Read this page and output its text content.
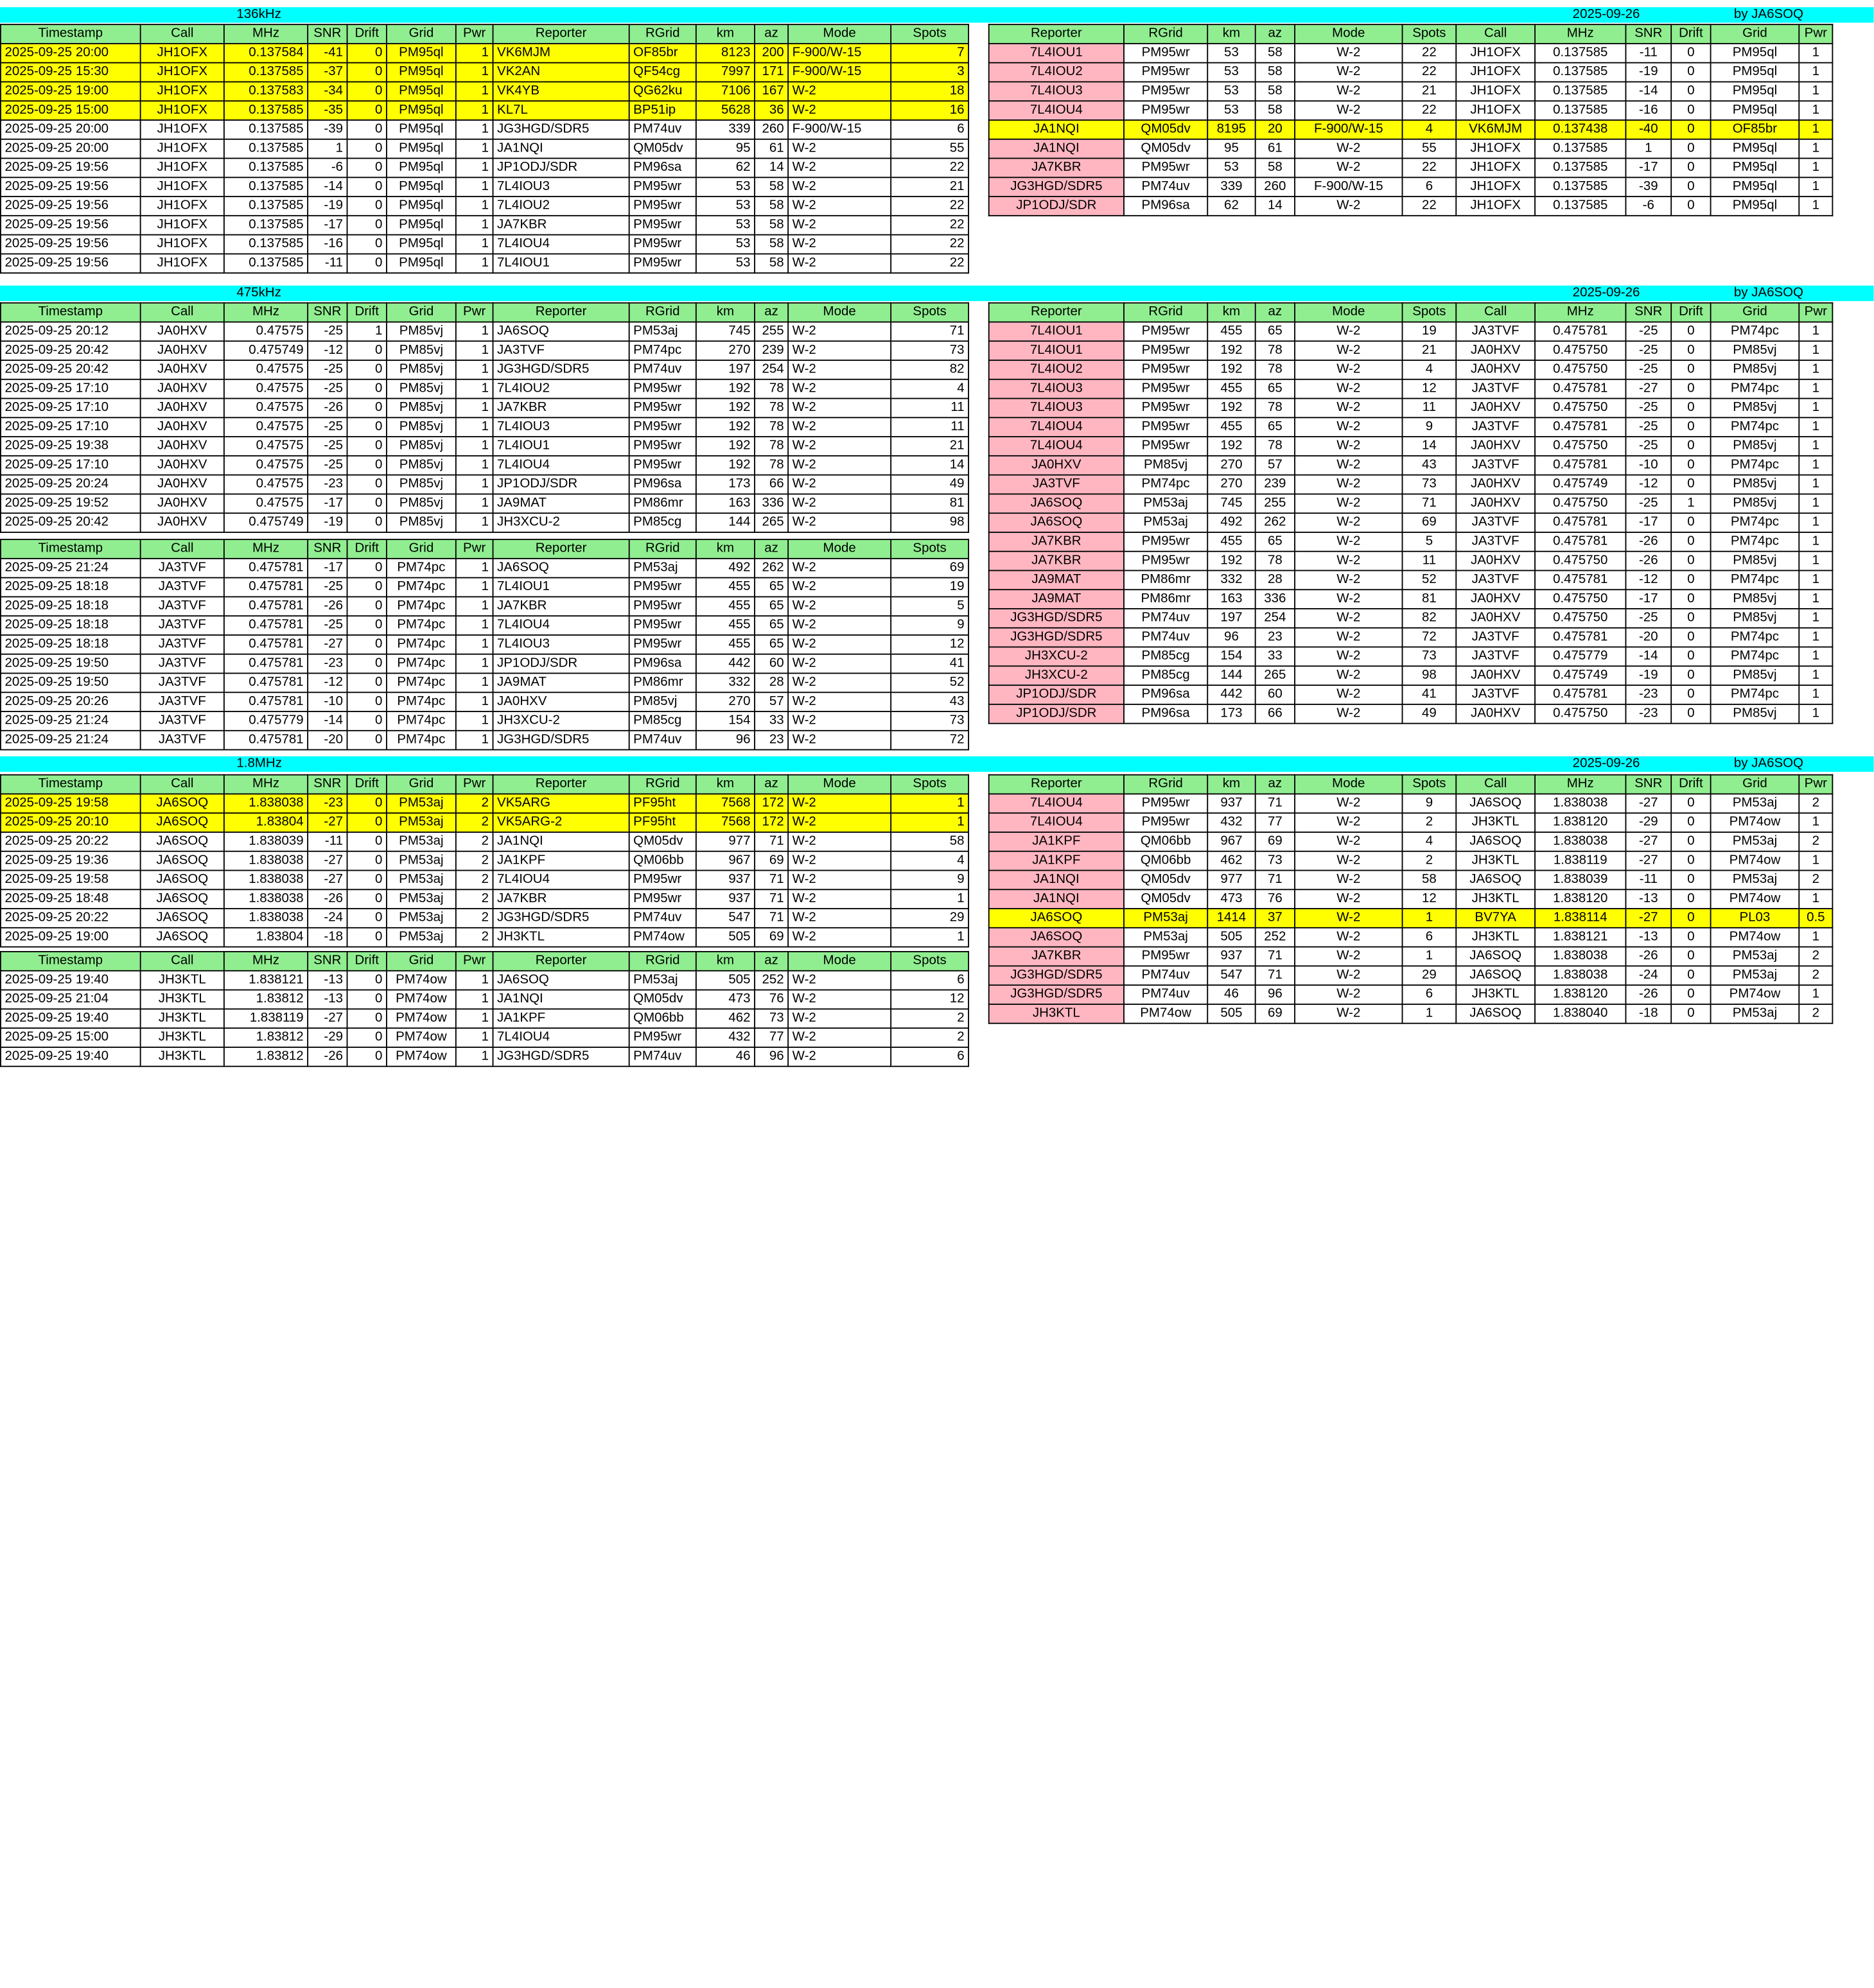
136kHz	2025-09-26	by JA6SOQ
Timestamp	Call	MHz	SNR	Drift	Grid	Pwr	Reporter	RGrid	km	az	Mode	Spots
2025-09-25 20:00	JH1OFX	0.137584	-41	0	PM95ql	1	VK6MJM	OF85br	8123	200	F-900/W-15	7
2025-09-25 15:30	JH1OFX	0.137585	-37	0	PM95ql	1	VK2AN	QF54cg	7997	171	F-900/W-15	3
2025-09-25 19:00	JH1OFX	0.137583	-34	0	PM95ql	1	VK4YB	QG62ku	7106	167	W-2	18
2025-09-25 15:00	JH1OFX	0.137585	-35	0	PM95ql	1	KL7L	BP51ip	5628	36	W-2	16
2025-09-25 20:00	JH1OFX	0.137585	-39	0	PM95ql	1	JG3HGD/SDR5	PM74uv	339	260	F-900/W-15	6
2025-09-25 20:00	JH1OFX	0.137585	1	0	PM95ql	1	JA1NQI	QM05dv	95	61	W-2	55
2025-09-25 19:56	JH1OFX	0.137585	-6	0	PM95ql	1	JP1ODJ/SDR	PM96sa	62	14	W-2	22
2025-09-25 19:56	JH1OFX	0.137585	-14	0	PM95ql	1	7L4IOU3	PM95wr	53	58	W-2	21
2025-09-25 19:56	JH1OFX	0.137585	-19	0	PM95ql	1	7L4IOU2	PM95wr	53	58	W-2	22
2025-09-25 19:56	JH1OFX	0.137585	-17	0	PM95ql	1	JA7KBR	PM95wr	53	58	W-2	22
2025-09-25 19:56	JH1OFX	0.137585	-16	0	PM95ql	1	7L4IOU4	PM95wr	53	58	W-2	22
2025-09-25 19:56	JH1OFX	0.137585	-11	0	PM95ql	1	7L4IOU1	PM95wr	53	58	W-2	22
Reporter	RGrid	km	az	Mode	Spots	Call	MHz	SNR	Drift	Grid	Pwr
7L4IOU1	PM95wr	53	58	W-2	22	JH1OFX	0.137585	-11	0	PM95ql	1
7L4IOU2	PM95wr	53	58	W-2	22	JH1OFX	0.137585	-19	0	PM95ql	1
7L4IOU3	PM95wr	53	58	W-2	21	JH1OFX	0.137585	-14	0	PM95ql	1
7L4IOU4	PM95wr	53	58	W-2	22	JH1OFX	0.137585	-16	0	PM95ql	1
JA1NQI	QM05dv	8195	20	F-900/W-15	4	VK6MJM	0.137438	-40	0	OF85br	1
JA1NQI	QM05dv	95	61	W-2	55	JH1OFX	0.137585	1	0	PM95ql	1
JA7KBR	PM95wr	53	58	W-2	22	JH1OFX	0.137585	-17	0	PM95ql	1
JG3HGD/SDR5	PM74uv	339	260	F-900/W-15	6	JH1OFX	0.137585	-39	0	PM95ql	1
JP1ODJ/SDR	PM96sa	62	14	W-2	22	JH1OFX	0.137585	-6	0	PM95ql	1
475kHz	2025-09-26	by JA6SOQ
Timestamp	Call	MHz	SNR	Drift	Grid	Pwr	Reporter	RGrid	km	az	Mode	Spots
2025-09-25 20:12	JA0HXV	0.47575	-25	1	PM85vj	1	JA6SOQ	PM53aj	745	255	W-2	71
2025-09-25 20:42	JA0HXV	0.475749	-12	0	PM85vj	1	JA3TVF	PM74pc	270	239	W-2	73
2025-09-25 20:42	JA0HXV	0.47575	-25	0	PM85vj	1	JG3HGD/SDR5	PM74uv	197	254	W-2	82
2025-09-25 17:10	JA0HXV	0.47575	-25	0	PM85vj	1	7L4IOU2	PM95wr	192	78	W-2	4
2025-09-25 17:10	JA0HXV	0.47575	-26	0	PM85vj	1	JA7KBR	PM95wr	192	78	W-2	11
2025-09-25 17:10	JA0HXV	0.47575	-25	0	PM85vj	1	7L4IOU3	PM95wr	192	78	W-2	11
2025-09-25 19:38	JA0HXV	0.47575	-25	0	PM85vj	1	7L4IOU1	PM95wr	192	78	W-2	21
2025-09-25 17:10	JA0HXV	0.47575	-25	0	PM85vj	1	7L4IOU4	PM95wr	192	78	W-2	14
2025-09-25 20:24	JA0HXV	0.47575	-23	0	PM85vj	1	JP1ODJ/SDR	PM96sa	173	66	W-2	49
2025-09-25 19:52	JA0HXV	0.47575	-17	0	PM85vj	1	JA9MAT	PM86mr	163	336	W-2	81
2025-09-25 20:42	JA0HXV	0.475749	-19	0	PM85vj	1	JH3XCU-2	PM85cg	144	265	W-2	98
Timestamp	Call	MHz	SNR	Drift	Grid	Pwr	Reporter	RGrid	km	az	Mode	Spots
2025-09-25 21:24	JA3TVF	0.475781	-17	0	PM74pc	1	JA6SOQ	PM53aj	492	262	W-2	69
2025-09-25 18:18	JA3TVF	0.475781	-25	0	PM74pc	1	7L4IOU1	PM95wr	455	65	W-2	19
2025-09-25 18:18	JA3TVF	0.475781	-26	0	PM74pc	1	JA7KBR	PM95wr	455	65	W-2	5
2025-09-25 18:18	JA3TVF	0.475781	-25	0	PM74pc	1	7L4IOU4	PM95wr	455	65	W-2	9
2025-09-25 18:18	JA3TVF	0.475781	-27	0	PM74pc	1	7L4IOU3	PM95wr	455	65	W-2	12
2025-09-25 19:50	JA3TVF	0.475781	-23	0	PM74pc	1	JP1ODJ/SDR	PM96sa	442	60	W-2	41
2025-09-25 19:50	JA3TVF	0.475781	-12	0	PM74pc	1	JA9MAT	PM86mr	332	28	W-2	52
2025-09-25 20:26	JA3TVF	0.475781	-10	0	PM74pc	1	JA0HXV	PM85vj	270	57	W-2	43
2025-09-25 21:24	JA3TVF	0.475779	-14	0	PM74pc	1	JH3XCU-2	PM85cg	154	33	W-2	73
2025-09-25 21:24	JA3TVF	0.475781	-20	0	PM74pc	1	JG3HGD/SDR5	PM74uv	96	23	W-2	72
Reporter	RGrid	km	az	Mode	Spots	Call	MHz	SNR	Drift	Grid	Pwr
7L4IOU1	PM95wr	455	65	W-2	19	JA3TVF	0.475781	-25	0	PM74pc	1
7L4IOU1	PM95wr	192	78	W-2	21	JA0HXV	0.475750	-25	0	PM85vj	1
7L4IOU2	PM95wr	192	78	W-2	4	JA0HXV	0.475750	-25	0	PM85vj	1
7L4IOU3	PM95wr	455	65	W-2	12	JA3TVF	0.475781	-27	0	PM74pc	1
7L4IOU3	PM95wr	192	78	W-2	11	JA0HXV	0.475750	-25	0	PM85vj	1
7L4IOU4	PM95wr	455	65	W-2	9	JA3TVF	0.475781	-25	0	PM74pc	1
7L4IOU4	PM95wr	192	78	W-2	14	JA0HXV	0.475750	-25	0	PM85vj	1
JA0HXV	PM85vj	270	57	W-2	43	JA3TVF	0.475781	-10	0	PM74pc	1
JA3TVF	PM74pc	270	239	W-2	73	JA0HXV	0.475749	-12	0	PM85vj	1
JA6SOQ	PM53aj	745	255	W-2	71	JA0HXV	0.475750	-25	1	PM85vj	1
JA6SOQ	PM53aj	492	262	W-2	69	JA3TVF	0.475781	-17	0	PM74pc	1
JA7KBR	PM95wr	455	65	W-2	5	JA3TVF	0.475781	-26	0	PM74pc	1
JA7KBR	PM95wr	192	78	W-2	11	JA0HXV	0.475750	-26	0	PM85vj	1
JA9MAT	PM86mr	332	28	W-2	52	JA3TVF	0.475781	-12	0	PM74pc	1
JA9MAT	PM86mr	163	336	W-2	81	JA0HXV	0.475750	-17	0	PM85vj	1
JG3HGD/SDR5	PM74uv	197	254	W-2	82	JA0HXV	0.475750	-25	0	PM85vj	1
JG3HGD/SDR5	PM74uv	96	23	W-2	72	JA3TVF	0.475781	-20	0	PM74pc	1
JH3XCU-2	PM85cg	154	33	W-2	73	JA3TVF	0.475779	-14	0	PM74pc	1
JH3XCU-2	PM85cg	144	265	W-2	98	JA0HXV	0.475749	-19	0	PM85vj	1
JP1ODJ/SDR	PM96sa	442	60	W-2	41	JA3TVF	0.475781	-23	0	PM74pc	1
JP1ODJ/SDR	PM96sa	173	66	W-2	49	JA0HXV	0.475750	-23	0	PM85vj	1
1.8MHz	2025-09-26	by JA6SOQ
Timestamp	Call	MHz	SNR	Drift	Grid	Pwr	Reporter	RGrid	km	az	Mode	Spots
2025-09-25 19:58	JA6SOQ	1.838038	-23	0	PM53aj	2	VK5ARG	PF95ht	7568	172	W-2	1
2025-09-25 20:10	JA6SOQ	1.83804	-27	0	PM53aj	2	VK5ARG-2	PF95ht	7568	172	W-2	1
2025-09-25 20:22	JA6SOQ	1.838039	-11	0	PM53aj	2	JA1NQI	QM05dv	977	71	W-2	58
2025-09-25 19:36	JA6SOQ	1.838038	-27	0	PM53aj	2	JA1KPF	QM06bb	967	69	W-2	4
2025-09-25 19:58	JA6SOQ	1.838038	-27	0	PM53aj	2	7L4IOU4	PM95wr	937	71	W-2	9
2025-09-25 18:48	JA6SOQ	1.838038	-26	0	PM53aj	2	JA7KBR	PM95wr	937	71	W-2	1
2025-09-25 20:22	JA6SOQ	1.838038	-24	0	PM53aj	2	JG3HGD/SDR5	PM74uv	547	71	W-2	29
2025-09-25 19:00	JA6SOQ	1.83804	-18	0	PM53aj	2	JH3KTL	PM74ow	505	69	W-2	1
Timestamp	Call	MHz	SNR	Drift	Grid	Pwr	Reporter	RGrid	km	az	Mode	Spots
2025-09-25 19:40	JH3KTL	1.838121	-13	0	PM74ow	1	JA6SOQ	PM53aj	505	252	W-2	6
2025-09-25 21:04	JH3KTL	1.83812	-13	0	PM74ow	1	JA1NQI	QM05dv	473	76	W-2	12
2025-09-25 19:40	JH3KTL	1.838119	-27	0	PM74ow	1	JA1KPF	QM06bb	462	73	W-2	2
2025-09-25 15:00	JH3KTL	1.83812	-29	0	PM74ow	1	7L4IOU4	PM95wr	432	77	W-2	2
2025-09-25 19:40	JH3KTL	1.83812	-26	0	PM74ow	1	JG3HGD/SDR5	PM74uv	46	96	W-2	6
Reporter	RGrid	km	az	Mode	Spots	Call	MHz	SNR	Drift	Grid	Pwr
7L4IOU4	PM95wr	937	71	W-2	9	JA6SOQ	1.838038	-27	0	PM53aj	2
7L4IOU4	PM95wr	432	77	W-2	2	JH3KTL	1.838120	-29	0	PM74ow	1
JA1KPF	QM06bb	967	69	W-2	4	JA6SOQ	1.838038	-27	0	PM53aj	2
JA1KPF	QM06bb	462	73	W-2	2	JH3KTL	1.838119	-27	0	PM74ow	1
JA1NQI	QM05dv	977	71	W-2	58	JA6SOQ	1.838039	-11	0	PM53aj	2
JA1NQI	QM05dv	473	76	W-2	12	JH3KTL	1.838120	-13	0	PM74ow	1
JA6SOQ	PM53aj	1414	37	W-2	1	BV7YA	1.838114	-27	0	PL03	0.5
JA6SOQ	PM53aj	505	252	W-2	6	JH3KTL	1.838121	-13	0	PM74ow	1
JA7KBR	PM95wr	937	71	W-2	1	JA6SOQ	1.838038	-26	0	PM53aj	2
JG3HGD/SDR5	PM74uv	547	71	W-2	29	JA6SOQ	1.838038	-24	0	PM53aj	2
JG3HGD/SDR5	PM74uv	46	96	W-2	6	JH3KTL	1.838120	-26	0	PM74ow	1
JH3KTL	PM74ow	505	69	W-2	1	JA6SOQ	1.838040	-18	0	PM53aj	2
